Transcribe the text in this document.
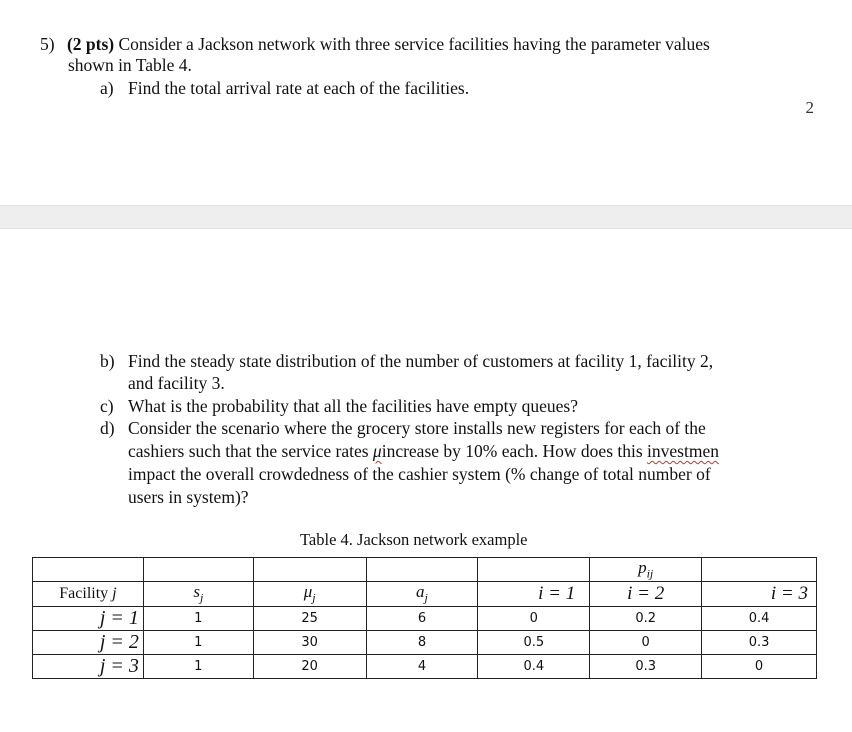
5) (2 pts) Consider a Jackson network with three service facilities having the parameter values
shown in Table 4.
a) Find the total arrival rate at each of the facilities.
2
b) Find the steady state distribution of the number of customers at facility 1, facility 2,
and facility 3.
c) What is the probability that all the facilities have empty queues?
d) Consider the scenario where the grocery store installs new registers for each of the
cashiers such that the service rates μincrease by 10% each. How does this investmen
impact the overall crowdedness of the cashier system (% change of total number of
users in system)?
Table 4. Jackson network example
					$p_{ij}$	
Facility j	$s_j$	$\mu_j$	$a_j$	i = 1	i = 2	i = 3
j = 1	1	25	6	0	0.2	0.4
j = 2	1	30	8	0.5	0	0.3
j = 3	1	20	4	0.4	0.3	0
